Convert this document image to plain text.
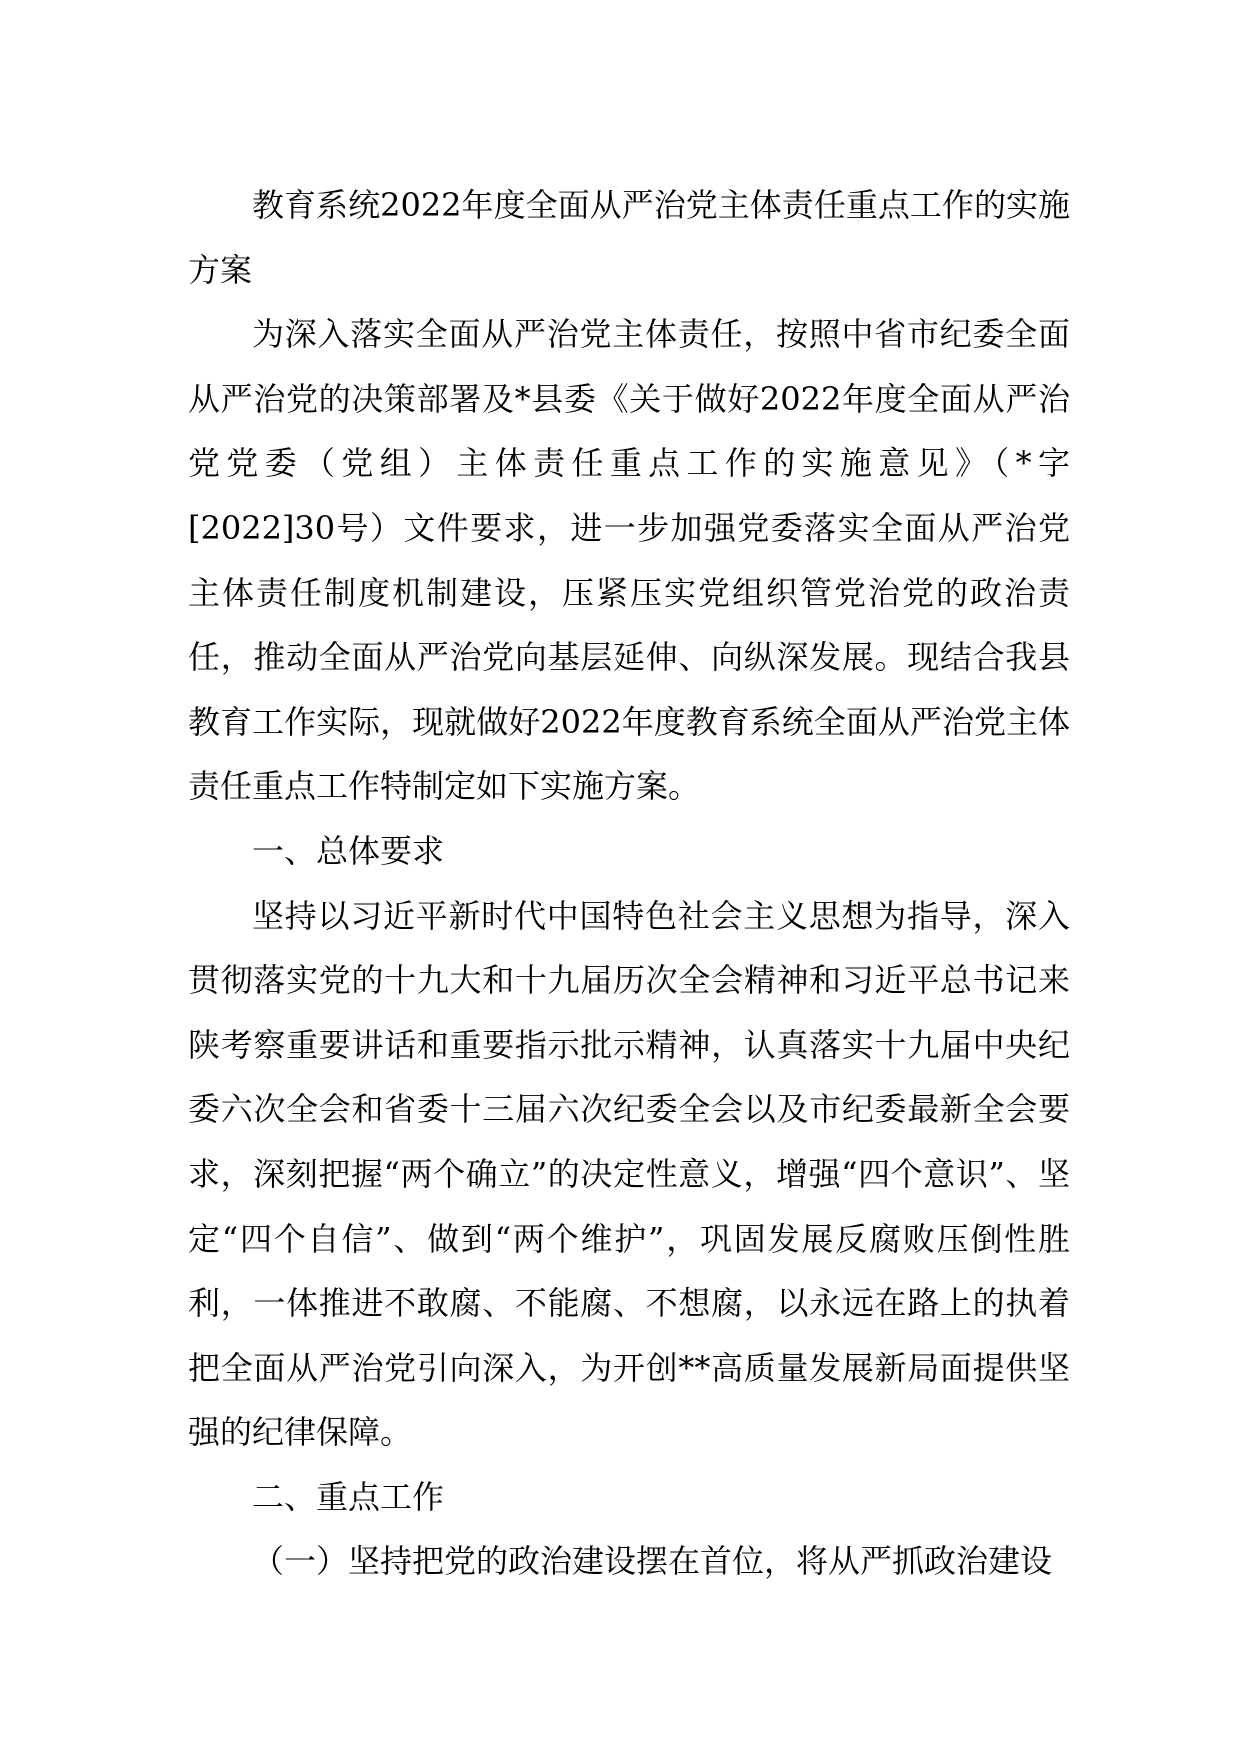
教育系统2022年度全面从严治党主体责任重点工作的实施方案

为深入落实全面从严治党主体责任，按照中省市纪委全面从严治党的决策部署及*县委《关于做好2022年度全面从严治党党委（党组）主体责任重点工作的实施意见》（*字[2022]30号）文件要求，进一步加强党委落实全面从严治党主体责任制度机制建设，压紧压实党组织管党治党的政治责任，推动全面从严治党向基层延伸、向纵深发展。现结合我县教育工作实际，现就做好2022年度教育系统全面从严治党主体责任重点工作特制定如下实施方案。

一、总体要求

坚持以习近平新时代中国特色社会主义思想为指导，深入贯彻落实党的十九大和十九届历次全会精神和习近平总书记来陕考察重要讲话和重要指示批示精神，认真落实十九届中央纪委六次全会和省委十三届六次纪委全会以及市纪委最新全会要求，深刻把握“两个确立”的决定性意义，增强“四个意识”、坚定“四个自信”、做到“两个维护”，巩固发展反腐败压倒性胜利，一体推进不敢腐、不能腐、不想腐，以永远在路上的执着把全面从严治党引向深入，为开创**高质量发展新局面提供坚强的纪律保障。

二、重点工作

（一）坚持把党的政治建设摆在首位，将从严抓政治建设
